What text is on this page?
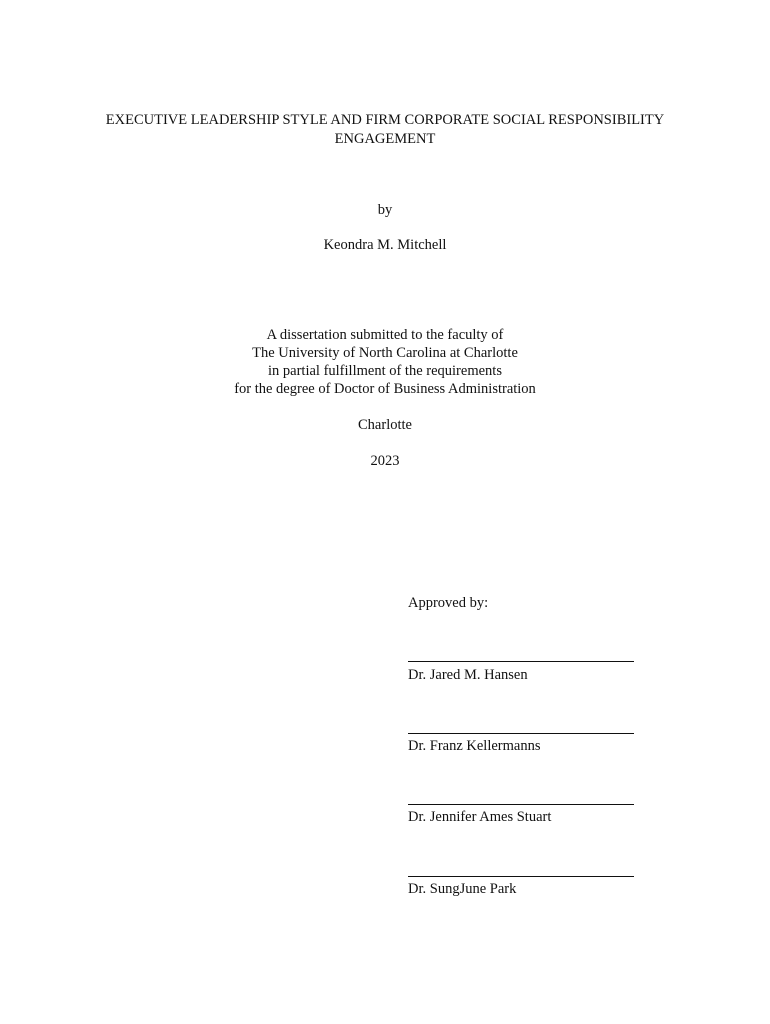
EXECUTIVE LEADERSHIP STYLE AND FIRM CORPORATE SOCIAL RESPONSIBILITY
ENGAGEMENT
by
Keondra M. Mitchell
A dissertation submitted to the faculty of
The University of North Carolina at Charlotte
in partial fulfillment of the requirements
for the degree of Doctor of Business Administration
Charlotte
2023
Approved by:
Dr. Jared M. Hansen
Dr. Franz Kellermanns
Dr. Jennifer Ames Stuart
Dr. SungJune Park
